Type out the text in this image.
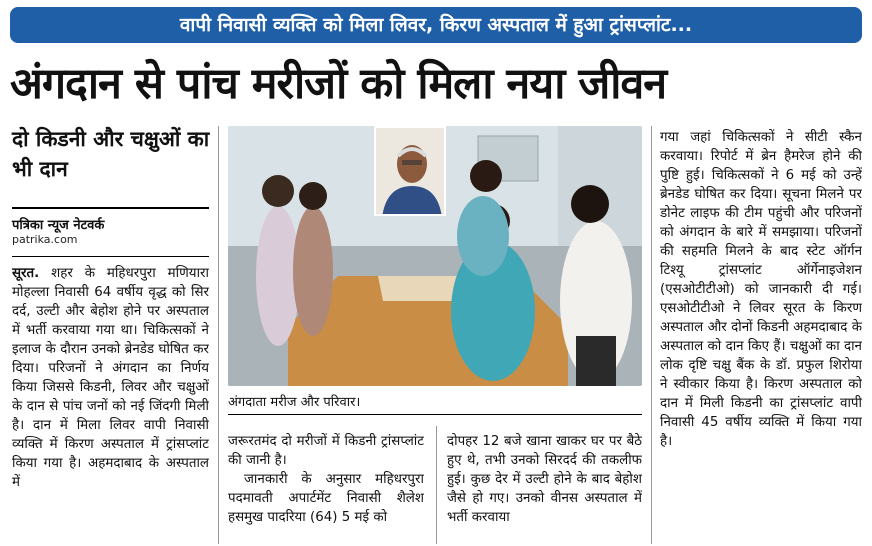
वापी निवासी व्यक्ति को मिला लिवर, किरण अस्पताल में हुआ ट्रांसप्लांट...
अंगदान से पांच मरीजों को मिला नया जीवन
दो किडनी और चक्षुओं का भी दान
पत्रिका न्यूज नेटवर्क
patrika.com

सूरत. शहर के महिधरपुरा मणियारा मोहल्ला निवासी 64 वर्षीय वृद्ध को सिर दर्द, उल्टी और बेहोश होने पर अस्पताल में भर्ती करवाया गया था। चिकित्सकों ने इलाज के दौरान उनको ब्रेनडेड घोषित कर दिया। परिजनों ने अंगदान का निर्णय किया जिससे किडनी, लिवर और चक्षुओं के दान से पांच जनों को नई जिंदगी मिली है। दान में मिला लिवर वापी निवासी व्यक्ति में किरण अस्पताल में ट्रांसप्लांट किया गया है। अहमदाबाद के अस्पताल में

अंगदाता मरीज और परिवार।

जरूरतमंद दो मरीजों में किडनी ट्रांसप्लांट की जानी है।

जानकारी के अनुसार महिधरपुरा पदमावती अपार्टमेंट निवासी शैलेश हसमुख पादरिया (64) 5 मई को

दोपहर 12 बजे खाना खाकर घर पर बैठे हुए थे, तभी उनको सिरदर्द की तकलीफ हुई। कुछ देर में उल्टी होने के बाद बेहोश जैसे हो गए। उनको वीनस अस्पताल में भर्ती करवाया

गया जहां चिकित्सकों ने सीटी स्कैन करवाया। रिपोर्ट में ब्रेन हैमरेज होने की पुष्टि हुई। चिकित्सकों ने 6 मई को उन्हें ब्रेनडेड घोषित कर दिया। सूचना मिलने पर डोनेट लाइफ की टीम पहुंची और परिजनों को अंगदान के बारे में समझाया। परिजनों की सहमति मिलने के बाद स्टेट ऑर्गन टिश्यू ट्रांसप्लांट ऑर्गेनाइजेशन (एसओटीटीओ) को जानकारी दी गई। एसओटीटीओ ने लिवर सूरत के किरण अस्पताल और दोनों किडनी अहमदाबाद के अस्पताल को दान किए हैं। चक्षुओं का दान लोक दृष्टि चक्षु बैंक के डॉ. प्रफुल शिरोया ने स्वीकार किया है। किरण अस्पताल को दान में मिली किडनी का ट्रांसप्लांट वापी निवासी 45 वर्षीय व्यक्ति में किया गया है।
